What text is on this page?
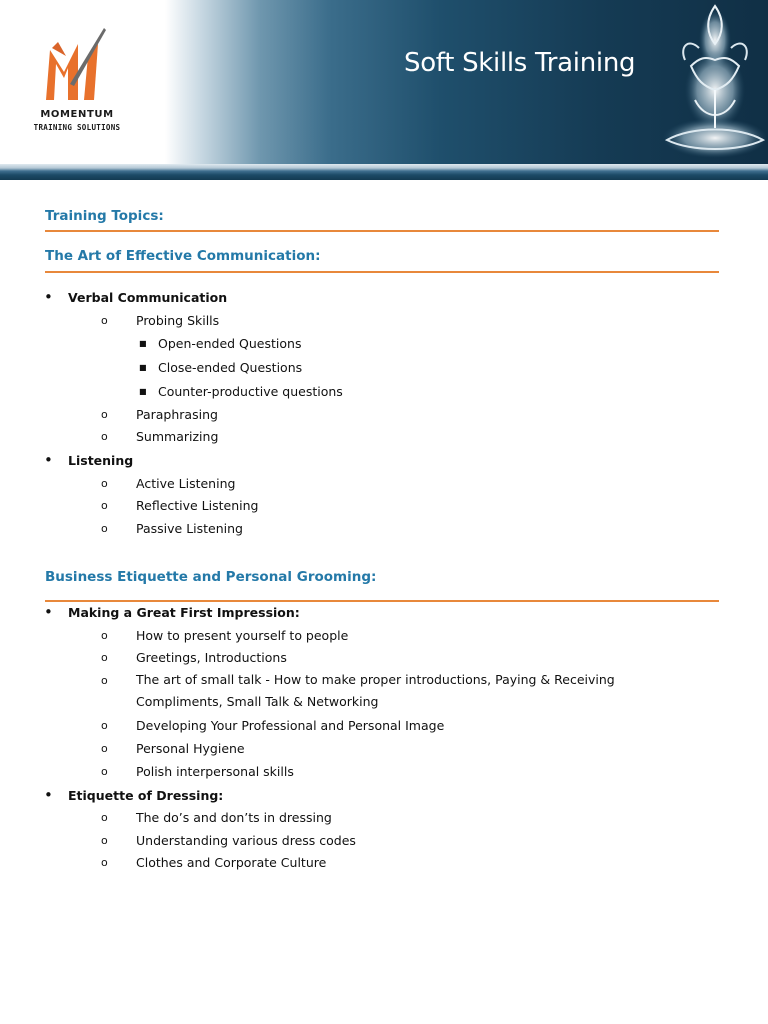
MOMENTUM
TRAINING SOLUTIONS
Soft Skills Training
Training Topics:
The Art of Effective Communication:
• Verbal Communication
o Probing Skills
■ Open-ended Questions
■ Close-ended Questions
■ Counter-productive questions
o Paraphrasing
o Summarizing
• Listening
o Active Listening
o Reflective Listening
o Passive Listening
Business Etiquette and Personal Grooming:
• Making a Great First Impression:
o How to present yourself to people
o Greetings, Introductions
o The art of small talk - How to make proper introductions, Paying & Receiving Compliments, Small Talk & Networking
o Developing Your Professional and Personal Image
o Personal Hygiene
o Polish interpersonal skills
• Etiquette of Dressing:
o The do’s and don’ts in dressing
o Understanding various dress codes
o Clothes and Corporate Culture
